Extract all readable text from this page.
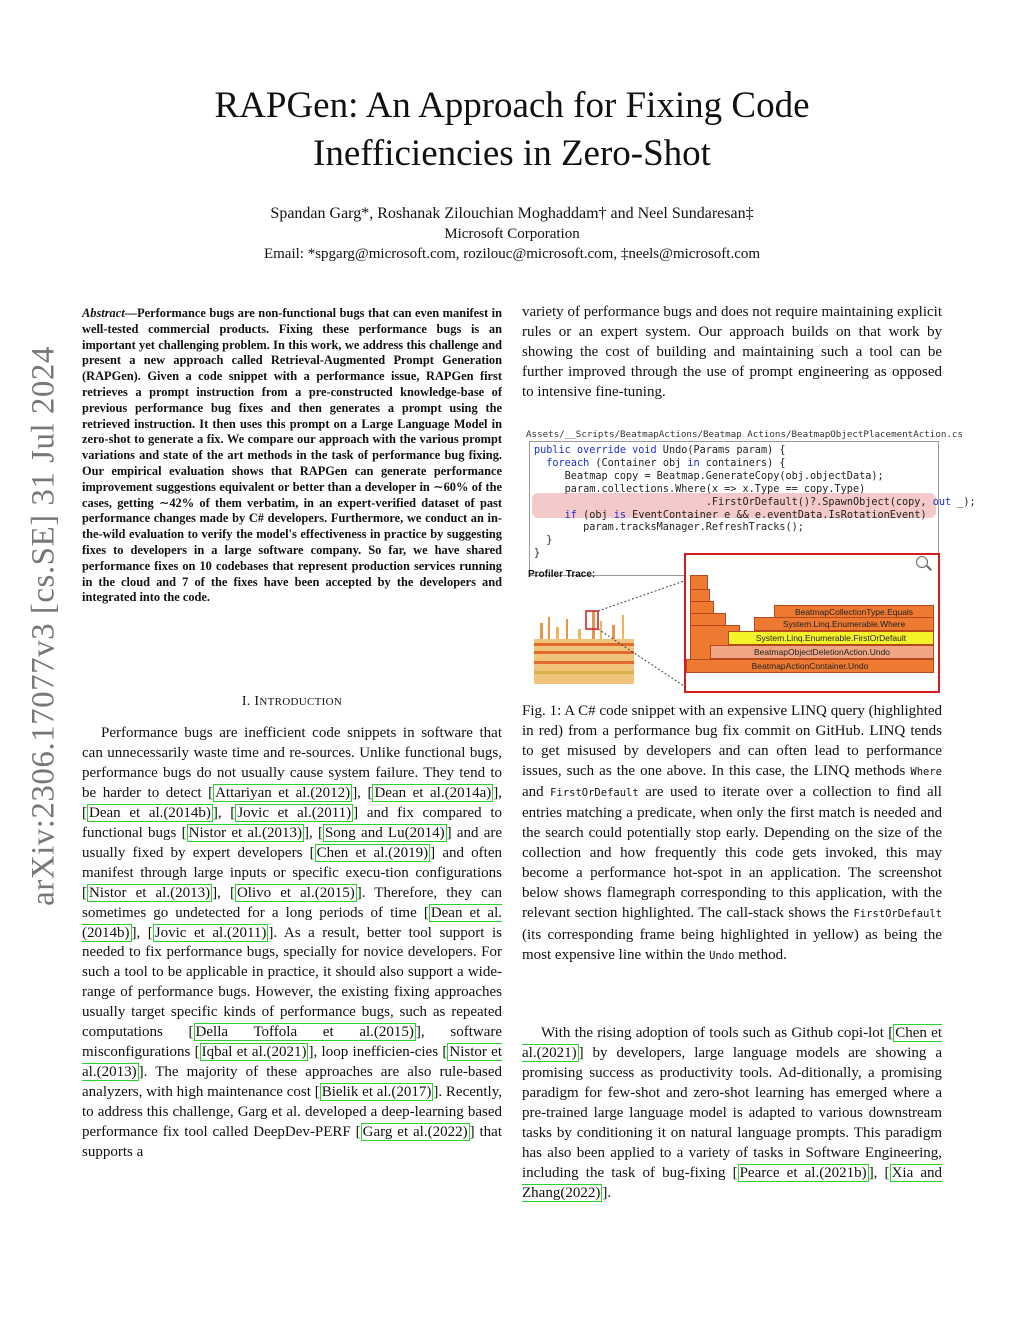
RAPGen: An Approach for Fixing Code
Inefficiencies in Zero-Shot
Spandan Garg*, Roshanak Zilouchian Moghaddam† and Neel Sundaresan‡
Microsoft Corporation
Email: *spgarg@microsoft.com, rozilouc@microsoft.com, ‡neels@microsoft.com
arXiv:2306.17077v3 [cs.SE] 31 Jul 2024
Abstract—Performance bugs are non-functional bugs that can even manifest in well-tested commercial products. Fixing these performance bugs is an important yet challenging problem. In this work, we address this challenge and present a new approach called Retrieval-Augmented Prompt Generation (RAPGen). Given a code snippet with a performance issue, RAPGen first retrieves a prompt instruction from a pre-constructed knowledge-base of previous performance bug fixes and then generates a prompt using the retrieved instruction. It then uses this prompt on a Large Language Model in zero-shot to generate a fix. We compare our approach with the various prompt variations and state of the art methods in the task of performance bug fixing. Our empirical evaluation shows that RAPGen can generate performance improvement suggestions equivalent or better than a developer in ∼60% of the cases, getting ∼42% of them verbatim, in an expert-verified dataset of past performance changes made by C# developers. Furthermore, we conduct an in-the-wild evaluation to verify the model's effectiveness in practice by suggesting fixes to developers in a large software company. So far, we have shared performance fixes on 10 codebases that represent production services running in the cloud and 7 of the fixes have been accepted by the developers and integrated into the code.
I. INTRODUCTION

Performance bugs are inefficient code snippets in software that can unnecessarily waste time and re-sources. Unlike functional bugs, performance bugs do not usually cause system failure. They tend to be harder to detect [ Attariyan et al.(2012) ], [ Dean et al.(2014a) ], [ Dean et al.(2014b) ], [ Jovic et al.(2011) ] and fix compared to functional bugs [ Nistor et al.(2013) ], [ Song and Lu(2014) ] and are usually fixed by expert developers [ Chen et al.(2019) ] and often manifest through large inputs or specific execu-tion configurations [ Nistor et al.(2013) ], [ Olivo et al.(2015) ]. Therefore, they can sometimes go undetected for a long periods of time [ Dean et al.(2014b) ], [ Jovic et al.(2011) ]. As a result, better tool support is needed to fix performance bugs, specially for novice developers. For such a tool to be applicable in practice, it should also support a wide-range of performance bugs. However, the existing fixing approaches usually target specific kinds of performance bugs, such as repeated computations [ Della Toffola et al.(2015) ], software misconfigurations [ Iqbal et al.(2021) ], loop inefficien-cies [ Nistor et al.(2013) ]. The majority of these approaches are also rule-based analyzers, with high maintenance cost [ Bielik et al.(2017) ]. Recently, to address this challenge, Garg et al. developed a deep-learning based performance fix tool called DeepDev-PERF [ Garg et al.(2022) ] that supports a

variety of performance bugs and does not require maintaining explicit rules or an expert system. Our approach builds on that work by showing the cost of building and maintaining such a tool can be further improved through the use of prompt engineering as opposed to intensive fine-tuning.

Assets/__Scripts/BeatmapActions/Beatmap Actions/BeatmapObjectPlacementAction.cs
public override void Undo(Params param) {
foreach (Container obj in containers) {
Beatmap copy = Beatmap.GenerateCopy(obj.objectData);
param.collections.Where(x => x.Type == copy.Type)
.FirstOrDefault()?.SpawnObject(copy, out _);
if (obj is EventContainer e && e.eventData.IsRotationEvent)
param.tracksManager.RefreshTracks();
}
}
Profiler Trace:
BeatmapCollectionType.Equals
System.Linq.Enumerable.Where
System.Linq.Enumerable.FirstOrDefault
BeatmapObjectDeletionAction.Undo
BeatmapActionContainer.Undo

Fig. 1: A C# code snippet with an expensive LINQ query (highlighted in red) from a performance bug fix commit on GitHub. LINQ tends to get misused by developers and can often lead to performance issues, such as the one above. In this case, the LINQ methods Where and FirstOrDefault are used to iterate over a collection to find all entries matching a predicate, when only the first match is needed and the search could potentially stop early. Depending on the size of the collection and how frequently this code gets invoked, this may become a performance hot-spot in an application. The screenshot below shows flamegraph corresponding to this application, with the relevant section highlighted. The call-stack shows the FirstOrDefault (its corresponding frame being highlighted in yellow) as being the most expensive line within the Undo method.

With the rising adoption of tools such as Github copi-lot [ Chen et al.(2021) ] by developers, large language models are showing a promising success as productivity tools. Ad-ditionally, a promising paradigm for few-shot and zero-shot learning has emerged where a pre-trained large language model is adapted to various downstream tasks by conditioning it on natural language prompts. This paradigm has also been applied to a variety of tasks in Software Engineering, including the task of bug-fixing [ Pearce et al.(2021b) ], [ Xia and Zhang(2022) ].
